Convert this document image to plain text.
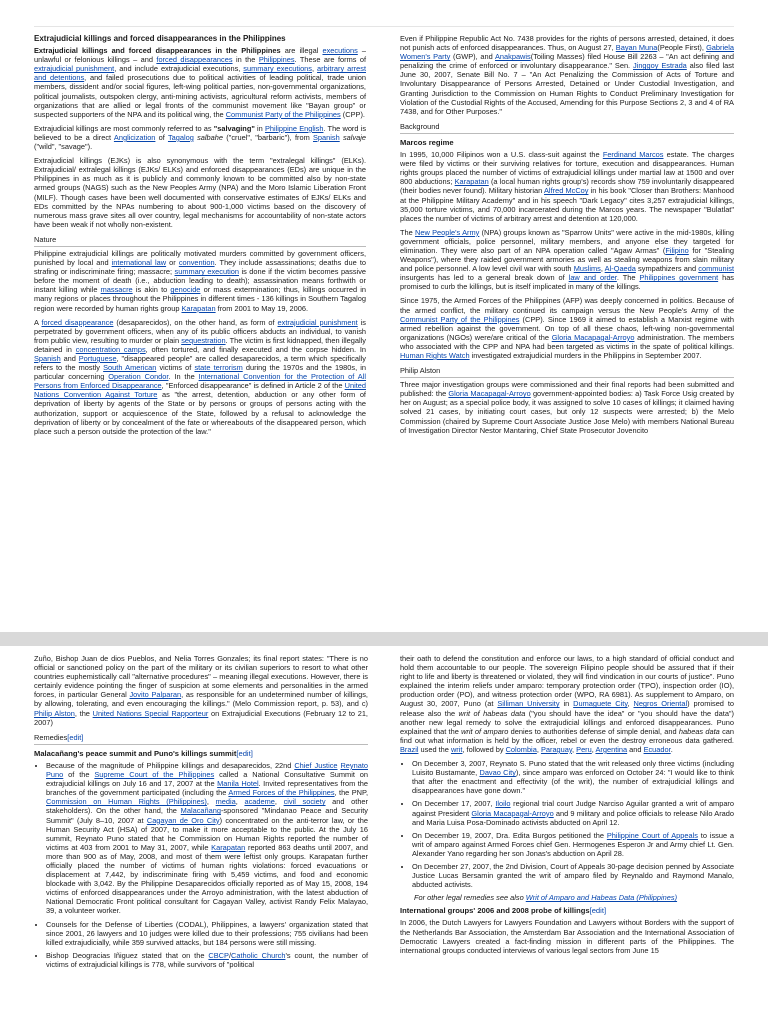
Extrajudicial killings and forced disappearances in the Philippines

Extrajudicial killings and forced disappearances in the Philippines are illegal executions – unlawful or felonious killings – and forced disappearances in the Philippines. These are forms of extrajudicial punishment, and include extrajudicial executions, summary executions, arbitrary arrest and detentions, and failed prosecutions due to political activities of leading political, trade union members, dissident and/or social figures, left-wing political parties, non-governmental organizations, political journalists, outspoken clergy, anti-mining activists, agricultural reform activists, members of organizations that are allied or legal fronts of the communist movement like "Bayan group" or suspected supporters of the NPA and its political wing, the Communist Party of the Philippines (CPP).

Extrajudicial killings are most commonly referred to as "salvaging" in Philippine English. The word is believed to be a direct Anglicization of Tagalog salbahe ("cruel", "barbaric"), from Spanish salvaje ("wild", "savage").

Extrajudicial killings (EJKs) is also synonymous with the term "extralegal killings" (ELKs). Extrajudicial/ extralegal killings (EJKs/ ELKs) and enforced disappearances (EDs) are unique in the Philippines in as much as it is publicly and commonly known to be committed also by non-state armed groups (NAGS) such as the New Peoples Army (NPA) and the Moro Islamic Liberation Front (MILF). Though cases have been well documented with conservative estimates of EJKs/ ELKs and EDs committed by the NPAs numbering to about 900-1,000 victims based on the discovery of numerous mass grave sites all over country, legal mechanisms for accountability of non-state actors have been weak if not wholly non-existent.

Nature

Philippine extrajudicial killings are politically motivated murders committed by government officers, punished by local and international law or convention. They include assassinations; deaths due to strafing or indiscriminate firing; massacre; summary execution is done if the victim becomes passive before the moment of death (i.e., abduction leading to death); assassination means forthwith or instant killing while massacre is akin to genocide or mass extermination; thus, killings occurred in many regions or places throughout the Philippines in different times - 136 killings in Southern Tagalog region were recorded by human rights group Karapatan from 2001 to May 19, 2006.

A forced disappearance (desaparecidos), on the other hand, as form of extrajudicial punishment is perpetrated by government officers, when any of its public officers abducts an individual, to vanish from public view, resulting to murder or plain sequestration. The victim is first kidnapped, then illegally detained in concentration camps, often tortured, and finally executed and the corpse hidden. In Spanish and Portuguese, "disappeared people" are called desaparecidos, a term which specifically refers to the mostly South American victims of state terrorism during the 1970s and the 1980s, in particular concerning Operation Condor. In the International Convention for the Protection of All Persons from Enforced Disappearance, "Enforced disappearance" is defined in Article 2 of the United Nations Convention Against Torture as "the arrest, detention, abduction or any other form of deprivation of liberty by agents of the State or by persons or groups of persons acting with the authorization, support or acquiescence of the State, followed by a refusal to acknowledge the deprivation of liberty or by concealment of the fate or whereabouts of the disappeared person, which place such a person outside the protection of the law."

Even if Philippine Republic Act No. 7438 provides for the rights of persons arrested, detained, it does not punish acts of enforced disappearances. Thus, on August 27, Bayan Muna(People First), Gabriela Women's Party (GWP), and Anakpawis(Toiling Masses) filed House Bill 2263 – "An act defining and penalizing the crime of enforced or involuntary disappearance." Sen. Jinggoy Estrada also filed last June 30, 2007, Senate Bill No. 7 – "An Act Penalizing the Commission of Acts of Torture and Involuntary Disappearance of Persons Arrested, Detained or Under Custodial Investigation, and Granting Jurisdiction to the Commission on Human Rights to Conduct Preliminary Investigation for Violation of the Custodial Rights of the Accused, Amending for this Purpose Sections 2, 3 and 4 of RA 7438, and for Other Purposes."

Background
Marcos regime

In 1995, 10,000 Filipinos won a U.S. class-suit against the Ferdinand Marcos estate. The charges were filed by victims or their surviving relatives for torture, execution and disappearances. Human rights groups placed the number of victims of extrajudicial killings under martial law at 1500 and over 800 abductions; Karapatan (a local human rights group's) records show 759 involuntarily disappeared (their bodies never found). Military historian Alfred McCoy in his book "Closer than Brothers: Manhood at the Philippine Military Academy" and in his speech "Dark Legacy" cites 3,257 extrajudicial killings, 35,000 torture victims, and 70,000 incarcerated during the Marcos years. The newspaper "Bulatlat" places the number of victims of arbitrary arrest and detention at 120,000.

The New People's Army (NPA) groups known as "Sparrow Units" were active in the mid-1980s, killing government officials, police personnel, military members, and anyone else they targeted for elimination. They were also part of an NPA operation called "Agaw Armas" (Filipino for "Stealing Weapons"), where they raided government armories as well as stealing weapons from slain military and police personnel. A low level civil war with south Muslims, Al-Qaeda sympathizers and communist insurgents has led to a general break down of law and order. The Philippines government has promised to curb the killings, but is itself implicated in many of the killings.

Since 1975, the Armed Forces of the Philippines (AFP) was deeply concerned in politics. Because of the armed conflict, the military continued its campaign versus the New People's Army of the Communist Party of the Philippines (CPP). Since 1969 it aimed to establish a Marxist regime with armed rebellion against the government. On top of all these chaos, left-wing non-governmental organizations (NGOs) were/are critical of the Gloria Macapagal-Arroyo administration. The members who associated with the CPP and NPA had been targeted as victims in the spate of political killings. Human Rights Watch investigated extrajudicial murders in the Philippins in September 2007.

Philip Alston

Three major investigation groups were commissioned and their final reports had been submitted and published: the Gloria Macapagal-Arroyo government-appointed bodies: a) Task Force Usig created by her on August; as a special police body, it was assigned to solve 10 cases of killings; it claimed having solved 21 cases, by initiating court cases, but only 12 suspects were arrested; b) the Melo Commission (chaired by Supreme Court Associate Justice Jose Melo) with members National Bureau of Investigation Director Nestor Mantaring, Chief State Prosecutor Jovencito

Zuño, Bishop Juan de dios Pueblos, and Nelia Torres Gonzales; its final report states: "There is no official or sanctioned policy on the part of the military or its civilian superiors to resort to what other countries euphemistically call "alternative procedures" – meaning illegal executions. However, there is certainly evidence pointing the finger of suspicion at some elements and personalities in the armed forces, in particular General Jovito Palparan, as responsible for an undetermined number of killings, by allowing, tolerating, and even encouraging the killings." (Melo Commission report, p. 53), and c) Philip Alston, the United Nations Special Rapporteur on Extrajudicial Executions (February 12 to 21, 2007)

Remedies[edit]
Malacañang's peace summit and Puno's killings summit[edit]
• Because of the magnitude of Philippine killings and desaparecidos, 22nd Chief Justice Reynato Puno of the Supreme Court of the Philippines called a National Consultative Summit on extrajudicial killings on July 16 and 17, 2007 at the Manila Hotel. Invited representatives from the branches of the government participated (including the Armed Forces of the Philippines, the PNP, Commission on Human Rights (Philippines), media, academe, civil society and other stakeholders). On the other hand, the Malacañang-sponsored "Mindanao Peace and Security Summit" (July 8–10, 2007 at Cagayan de Oro City) concentrated on the anti-terror law, or the Human Security Act (HSA) of 2007, to make it more acceptable to the public. At the July 16 summit, Reynato Puno stated that he Commission on Human Rights reported the number of victims at 403 from 2001 to May 31, 2007, while Karapatan reported 863 deaths until 2007, and more than 900 as of May, 2008, and most of them were leftist only groups. Karapatan further officially placed the number of victims of human rights violations: forced evacuations or displacement at 7,442, by indiscriminate firing with 5,459 victims, and food and economic blockade with 3,042. By the Philippine Desaparecidos officially reported as of May 15, 2008, 194 victims of enforced disappearances under the Arroyo administration, with the latest abduction of National Democratic Front political consultant for Cagayan Valley, activist Randy Felix Malayao, 39, a volunteer worker.
• Counsels for the Defense of Liberties (CODAL), Philippines, a lawyers' organization stated that since 2001, 26 lawyers and 10 judges were killed due to their professions; 755 civilians had been killed extrajudicially, while 359 survived attacks, but 184 persons were still missing.
• Bishop Deogracias Iñiguez stated that on the CBCP/Catholic Church's count, the number of victims of extrajudicial killings is 778, while survivors of "political

their oath to defend the constitution and enforce our laws, to a high standard of official conduct and hold them accountable to our people. The sovereign Filipino people should be assured that if their right to life and liberty is threatened or violated, they will find vindication in our courts of justice". Puno explained the interim reliefs under amparo: temporary protection order (TPO), inspection order (IO), production order (PO), and witness protection order (WPO, RA 6981). As supplement to Amparo, on August 30, 2007, Puno (at Silliman University in Dumaguete City, Negros Oriental) promised to release also the writ of habeas data ("you should have the idea" or "you should have the data") another new legal remedy to solve the extrajudicial killings and enforced disappearances. Puno explained that the writ of amparo denies to authorities defense of simple denial, and habeas data can find out what information is held by the officer, rebel or even the destroy erroneous data gathered. Brazil used the writ, followed by Colombia, Paraguay, Peru, Argentina and Ecuador.

• On December 3, 2007, Reynato S. Puno stated that the writ released only three victims (including Luisito Bustamante, Davao City), since amparo was enforced on October 24: "I would like to think that after the enactment and effectivity (of the writ), the number of extrajudicial killings and disappearances have gone down."
• On December 17, 2007, Iloilo regional trial court Judge Narciso Aguilar granted a writ of amparo against President Gloria Macapagal-Arroyo and 9 military and police officials to release Nilo Arado and Maria Luisa Posa-Dominado activists abducted on April 12.
• On December 19, 2007, Dra. Edita Burgos petitioned the Philippine Court of Appeals to issue a writ of amparo against Armed Forces chief Gen. Hermogenes Esperon Jr and Army chief Lt. Gen. Alexander Yano regarding her son Jonas's abduction on April 28.
• On December 27, 2007, the 2nd Division, Court of Appeals 30-page decision penned by Associate Justice Lucas Bersamin granted the writ of amparo filed by Reynaldo and Raymond Manalo, abducted activists.
For other legal remedies see also Writ of Amparo and Habeas Data (Philippines)
International groups' 2006 and 2008 probe of killings[edit]

In 2006, the Dutch Lawyers for Lawyers Foundation and Lawyers without Borders with the support of the Netherlands Bar Association, the Amsterdam Bar Association and the International Association of Democratic Lawyers created a fact-finding mission in different parts of the Philippines. The international groups conducted interviews of various legal sectors from June 15
